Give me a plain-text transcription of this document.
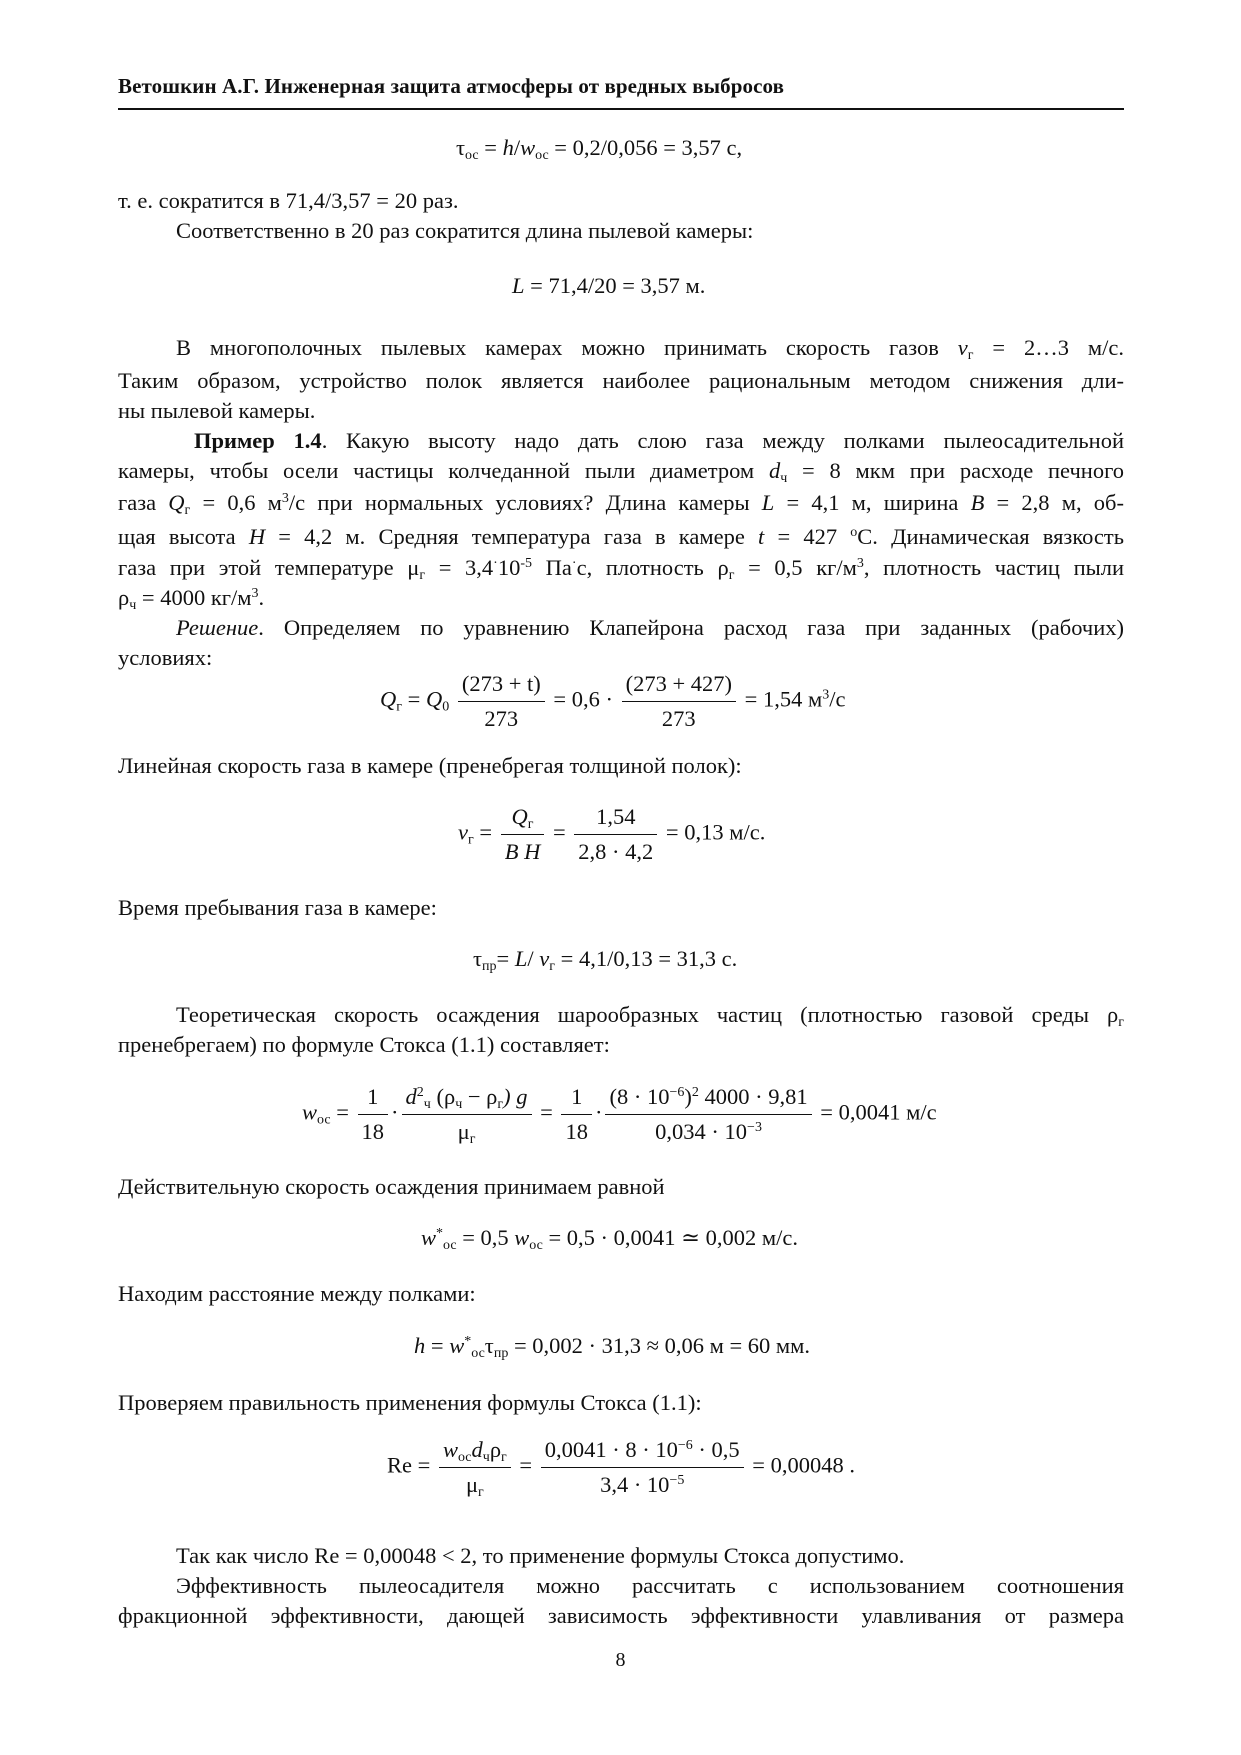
Ветошкин А.Г. Инженерная защита атмосферы от вредных выбросов
$\tau_{ос} = h/w_{ос} = 0,2/0,056 = 3,57$ с,
т. е. сократится в 71,4/3,57 = 20 раз.
Соответственно в 20 раз сократится длина пылевой камеры:
L = 71,4/20 = 3,57 м.
В многополочных пылевых камерах можно принимать скорость газов $v_г$ = 2…3 м/с.
Таким образом, устройство полок является наиболее рациональным методом снижения дли-
ны пылевой камеры.
Пример 1.4. Какую высоту надо дать слою газа между полками пылеосадительной
камеры, чтобы осели частицы колчеданной пыли диаметром $d_ч = 8$ мкм при расходе печного
газа $Q_г = 0,6$ $м^3/с$ при нормальных условиях? Длина камеры L = 4,1 м, ширина B = 2,8 м, об-
щая высота H = 4,2 м. Средняя температура газа в камере t = 427 $^o$С. Динамическая вязкость
газа при этой температуре $\mu_г = 3,4^\cdot 10^{-5}$ Па·с, плотность $\rho_г = 0,5$ $кг/м^3$, плотность частиц пыли
$\rho_ч = 4000$ $кг/м^3$.
Решение. Определяем по уравнению Клапейрона расход газа при заданных (рабочих)
условиях:
$Q_г = Q_0 \frac{(273 + t)}{273} = 0,6 \cdot \frac{(273 + 427)}{273} = 1,54$ $м^3/с$
Линейная скорость газа в камере (пренебрегая толщиной полок):
$v_г = \frac{Q_г}{\text{B H}} = \frac{1,54}{2,8 \cdot 4,2} = 0,13$ м/с.
Время пребывания газа в камере:
$\tau_{пр}= L/$ $v_г = 4,1/0,13 = 31,3$ с.
Теоретическая скорость осаждения шарообразных частиц (плотностью газовой среды $\rho_г$
пренебрегаем) по формуле Стокса (1.1) составляет:
$w_{ос} = \frac{1}{18} \cdot \frac{d^2_ч (\rho_ч - \rho_г) g}{\mu_г} = \frac{1}{18} \cdot \frac{(8 \cdot 10^{-6})^2 4000 \cdot 9,81}{0,034 \cdot 10^{-3}} = 0,0041$ м/с
Действительную скорость осаждения принимаем равной
$w^*_{ос} = 0,5$ $w_{ос} = 0,5 \cdot 0,0041$ ≃ 0,002 м/с.
Находим расстояние между полками:
$h = w^*_{ос}\tau_{пр} = 0,002 \cdot 31,3 \approx 0,06$ м = 60 мм.
Проверяем правильность применения формулы Стокса (1.1):
$Re = \frac{w_{ос}d_ч\rho_г}{\mu_г} = \frac{0,0041 \cdot 8 \cdot 10^{-6} \cdot 0,5}{3,4 \cdot 10^{-5}} = 0,00048$ .
Так как число Re = 0,00048 < 2, то применение формулы Стокса допустимо.
Эффективность пылеосадителя можно рассчитать с использованием соотношения
фракционной эффективности, дающей зависимость эффективности улавливания от размера
8
